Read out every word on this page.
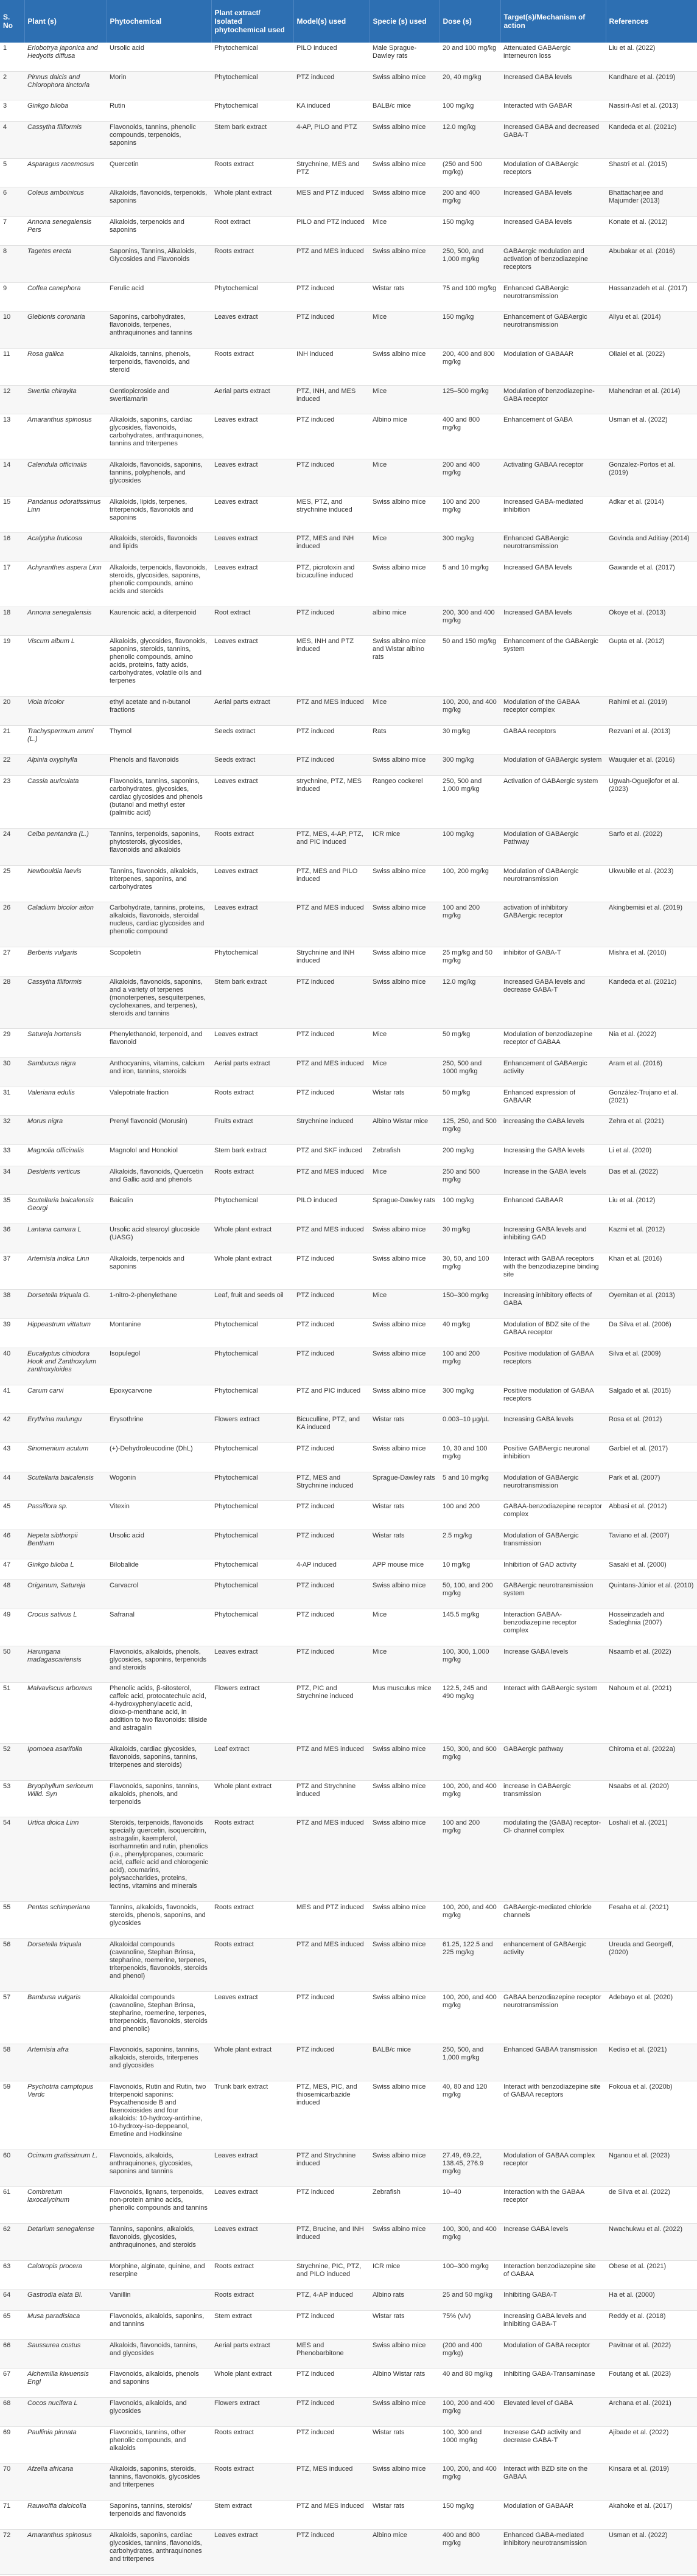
S. No	Plant (s)	Phytochemical	Plant extract/ Isolated phytochemical used	Model(s) used	Specie (s) used	Dose (s)	Target(s)/Mechanism of action	References
1	Eriobotrya japonica and Hedyotis diffusa	Ursolic acid	Phytochemical	PILO induced	Male Sprague-Dawley rats	20 and 100 mg/kg	Attenuated GABAergic interneuron loss	Liu et al. (2022)
2	Pinnus dalcis and Chlorophora tinctoria	Morin	Phytochemical	PTZ induced	Swiss albino mice	20, 40 mg/kg	Increased GABA levels	Kandhare et al. (2019)
3	Ginkgo biloba	Rutin	Phytochemical	KA induced	BALB/c mice	100 mg/kg	Interacted with GABAR	Nassiri-Asl et al. (2013)
4	Cassytha filiformis	Flavonoids, tannins, phenolic compounds, terpenoids, saponins	Stem bark extract	4-AP, PILO and PTZ	Swiss albino mice	12.0 mg/kg	Increased GABA and decreased GABA-T	Kandeda et al. (2021c)
5	Asparagus racemosus	Quercetin	Roots extract	Strychnine, MES and PTZ	Swiss albino mice	(250 and 500 mg/kg)	Modulation of GABAergic receptors	Shastri et al. (2015)
6	Coleus amboinicus	Alkaloids, flavonoids, terpenoids, saponins	Whole plant extract	MES and PTZ induced	Swiss albino mice	200 and 400 mg/kg	Increased GABA levels	Bhattacharjee and Majumder (2013)
7	Annona senegalensis Pers	Alkaloids, terpenoids and saponins	Root extract	PILO and PTZ induced	Mice	150 mg/kg	Increased GABA levels	Konate et al. (2012)
8	Tagetes erecta	Saponins, Tannins, Alkaloids, Glycosides and Flavonoids	Roots extract	PTZ and MES induced	Swiss albino mice	250, 500, and 1,000 mg/kg	GABAergic modulation and activation of benzodiazepine receptors	Abubakar et al. (2016)
9	Coffea canephora	Ferulic acid	Phytochemical	PTZ induced	Wistar rats	75 and 100 mg/kg	Enhanced GABAergic neurotransmission	Hassanzadeh et al. (2017)
10	Glebionis coronaria	Saponins, carbohydrates, flavonoids, terpenes, anthraquinones and tannins	Leaves extract	PTZ induced	Mice	150 mg/kg	Enhancement of GABAergic neurotransmission	Aliyu et al. (2014)
11	Rosa gallica	Alkaloids, tannins, phenols, terpenoids, flavonoids, and steroid	Roots extract	INH induced	Swiss albino mice	200, 400 and 800 mg/kg	Modulation of GABAAR	Oliaiei et al. (2022)
12	Swertia chirayita	Gentiopicroside and swertiamarin	Aerial parts extract	PTZ, INH, and MES induced	Mice	125–500 mg/kg	Modulation of benzodiazepine-GABA receptor	Mahendran et al. (2014)
13	Amaranthus spinosus	Alkaloids, saponins, cardiac glycosides, flavonoids, carbohydrates, anthraquinones, tannins and triterpenes	Leaves extract	PTZ induced	Albino mice	400 and 800 mg/kg	Enhancement of GABA	Usman et al. (2022)
14	Calendula officinalis	Alkaloids, flavonoids, saponins, tannins, polyphenols, and glycosides	Leaves extract	PTZ induced	Mice	200 and 400 mg/kg	Activating GABAA receptor	Gonzalez-Portos et al. (2019)
15	Pandanus odoratissimus Linn	Alkaloids, lipids, terpenes, triterpenoids, flavonoids and saponins	Leaves extract	MES, PTZ, and strychnine induced	Swiss albino mice	100 and 200 mg/kg	Increased GABA-mediated inhibition	Adkar et al. (2014)
16	Acalypha fruticosa	Alkaloids, steroids, flavonoids and lipids	Leaves extract	PTZ, MES and INH induced	Mice	300 mg/kg	Enhanced GABAergic neurotransmission	Govinda and Aditiay (2014)
17	Achyranthes aspera Linn	Alkaloids, terpenoids, flavonoids, steroids, glycosides, saponins, phenolic compounds, amino acids and steroids	Leaves extract	PTZ, picrotoxin and bicuculline induced	Swiss albino mice	5 and 10 mg/kg	Increased GABA levels	Gawande et al. (2017)
18	Annona senegalensis	Kaurenoic acid, a diterpenoid	Root extract	PTZ induced	albino mice	200, 300 and 400 mg/kg	Increased GABA levels	Okoye et al. (2013)
19	Viscum album L	Alkaloids, glycosides, flavonoids, saponins, steroids, tannins, phenolic compounds, amino acids, proteins, fatty acids, carbohydrates, volatile oils and terpenes	Leaves extract	MES, INH and PTZ induced	Swiss albino mice and Wistar albino rats	50 and 150 mg/kg	Enhancement of the GABAergic system	Gupta et al. (2012)
20	Viola tricolor	ethyl acetate and n-butanol fractions	Aerial parts extract	PTZ and MES induced	Mice	100, 200, and 400 mg/kg	Modulation of the GABAA receptor complex	Rahimi et al. (2019)
21	Trachyspermum ammi (L.)	Thymol	Seeds extract	PTZ induced	Rats	30 mg/kg	GABAA receptors	Rezvani et al. (2013)
22	Alpinia oxyphylla	Phenols and flavonoids	Seeds extract	PTZ induced	Swiss albino mice	300 mg/kg	Modulation of GABAergic system	Wauquier et al. (2016)
23	Cassia auriculata	Flavonoids, tannins, saponins, carbohydrates, glycosides, cardiac glycosides and phenols (butanol and methyl ester (palmitic acid)	Leaves extract	strychnine, PTZ, MES induced	Rangeo cockerel	250, 500 and 1,000 mg/kg	Activation of GABAergic system	Ugwah-Oguejiofor et al. (2023)
24	Ceiba pentandra (L.)	Tannins, terpenoids, saponins, phytosterols, glycosides, flavonoids and alkaloids	Roots extract	PTZ, MES, 4-AP, PTZ, and PIC induced	ICR mice	100 mg/kg	Modulation of GABAergic Pathway	Sarfo et al. (2022)
25	Newbouldia laevis	Tannins, flavonoids, alkaloids, triterpenes, saponins, and carbohydrates	Leaves extract	PTZ, MES and PILO induced	Swiss albino mice	100, 200 mg/kg	Modulation of GABAergic neurotransmission	Ukwubile et al. (2023)
26	Caladium bicolor aiton	Carbohydrate, tannins, proteins, alkaloids, flavonoids, steroidal nucleus, cardiac glycosides and phenolic compound	Leaves extract	PTZ and MES induced	Swiss albino mice	100 and 200 mg/kg	activation of inhibitory GABAergic receptor	Akingbemisi et al. (2019)
27	Berberis vulgaris	Scopoletin	Phytochemical	Strychnine and INH induced	Swiss albino mice	25 mg/kg and 50 mg/kg	inhibitor of GABA-T	Mishra et al. (2010)
28	Cassytha filiformis	Alkaloids, flavonoids, saponins, and a variety of terpenes (monoterpenes, sesquiterpenes, cyclohexanes, and terpenes), steroids and tannins	Stem bark extract	PTZ induced	Swiss albino mice	12.0 mg/kg	Increased GABA levels and decrease GABA-T	Kandeda et al. (2021c)
29	Satureja hortensis	Phenylethanoid, terpenoid, and flavonoid	Leaves extract	PTZ induced	Mice	50 mg/kg	Modulation of benzodiazepine receptor of GABAA	Nia et al. (2022)
30	Sambucus nigra	Anthocyanins, vitamins, calcium and iron, tannins, steroids	Aerial parts extract	PTZ and MES induced	Mice	250, 500 and 1000 mg/kg	Enhancement of GABAergic activity	Aram et al. (2016)
31	Valeriana edulis	Valepotriate fraction	Roots extract	PTZ induced	Wistar rats	50 mg/kg	Enhanced expression of GABAAR	González-Trujano et al. (2021)
32	Morus nigra	Prenyl flavonoid (Morusin)	Fruits extract	Strychnine induced	Albino Wistar mice	125, 250, and 500 mg/kg	increasing the GABA levels	Zehra et al. (2021)
33	Magnolia officinalis	Magnolol and Honokiol	Stem bark extract	PTZ and SKF induced	Zebrafish	200 mg/kg	Increasing the GABA levels	Li et al. (2020)
34	Desideris verticus	Alkaloids, flavonoids, Quercetin and Gallic acid and phenols	Roots extract	PTZ and MES induced	Mice	250 and 500 mg/kg	Increase in the GABA levels	Das et al. (2022)
35	Scutellaria baicalensis Georgi	Baicalin	Phytochemical	PILO induced	Sprague-Dawley rats	100 mg/kg	Enhanced GABAAR	Liu et al. (2012)
36	Lantana camara L	Ursolic acid stearoyl glucoside (UASG)	Whole plant extract	PTZ and MES induced	Swiss albino mice	30 mg/kg	Increasing GABA levels and inhibiting GAD	Kazmi et al. (2012)
37	Artemisia indica Linn	Alkaloids, terpenoids and saponins	Whole plant extract	PTZ induced	Swiss albino mice	30, 50, and 100 mg/kg	Interact with GABAA receptors with the benzodiazepine binding site	Khan et al. (2016)
38	Dorsetella triquala G.	1-nitro-2-phenylethane	Leaf, fruit and seeds oil	PTZ induced	Mice	150–300 mg/kg	Increasing inhibitory effects of GABA	Oyemitan et al. (2013)
39	Hippeastrum vittatum	Montanine	Phytochemical	PTZ induced	Swiss albino mice	40 mg/kg	Modulation of BDZ site of the GABAA receptor	Da Silva et al. (2006)
40	Eucalyptus citriodora Hook and Zanthoxylum zanthoxyloides	Isopulegol	Phytochemical	PTZ induced	Swiss albino mice	100 and 200 mg/kg	Positive modulation of GABAA receptors	Silva et al. (2009)
41	Carum carvi	Epoxycarvone	Phytochemical	PTZ and PIC induced	Swiss albino mice	300 mg/kg	Positive modulation of GABAA receptors	Salgado et al. (2015)
42	Erythrina mulungu	Erysothrine	Flowers extract	Bicuculline, PTZ, and KA induced	Wistar rats	0.003–10 µg/µL	Increasing GABA levels	Rosa et al. (2012)
43	Sinomenium acutum	(+)-Dehydroleucodine (DhL)	Phytochemical	PTZ induced	Swiss albino mice	10, 30 and 100 mg/kg	Positive GABAergic neuronal inhibition	Garbiel et al. (2017)
44	Scutellaria baicalensis	Wogonin	Phytochemical	PTZ, MES and Strychnine induced	Sprague-Dawley rats	5 and 10 mg/kg	Modulation of GABAergic neurotransmission	Park et al. (2007)
45	Passiflora sp.	Vitexin	Phytochemical	PTZ induced	Wistar rats	100 and 200	GABAA-benzodiazepine receptor complex	Abbasi et al. (2012)
46	Nepeta sibthorpii Bentham	Ursolic acid	Phytochemical	PTZ induced	Wistar rats	2.5 mg/kg	Modulation of GABAergic transmission	Taviano et al. (2007)
47	Ginkgo biloba L	Bilobalide	Phytochemical	4-AP induced	APP mouse mice	10 mg/kg	Inhibition of GAD activity	Sasaki et al. (2000)
48	Origanum, Satureja	Carvacrol	Phytochemical	PTZ induced	Swiss albino mice	50, 100, and 200 mg/kg	GABAergic neurotransmission system	Quintans-Júnior et al. (2010)
49	Crocus sativus L	Safranal	Phytochemical	PTZ induced	Mice	145.5 mg/kg	Interaction GABAA-benzodiazepine receptor complex	Hosseinzadeh and Sadeghnia (2007)
50	Harungana madagascariensis	Flavonoids, alkaloids, phenols, glycosides, saponins, terpenoids and steroids	Leaves extract	PTZ induced	Mice	100, 300, 1,000 mg/kg	Increase GABA levels	Nsaamb et al. (2022)
51	Malvaviscus arboreus	Phenolic acids, β-sitosterol, caffeic acid, protocatechuic acid, 4-hydroxyphenylacetic acid, dioxo-p-menthane acid, in addition to two flavonoids: tiliside and astragalin	Flowers extract	PTZ, PIC and Strychnine induced	Mus musculus mice	122.5, 245 and 490 mg/kg	Interact with GABAergic system	Nahoum et al. (2021)
52	Ipomoea asarifolia	Alkaloids, cardiac glycosides, flavonoids, saponins, tannins, triterpenes and steroids)	Leaf extract	PTZ and MES induced	Swiss albino mice	150, 300, and 600 mg/kg	GABAergic pathway	Chiroma et al. (2022a)
53	Bryophyllum sericeum Willd. Syn	Flavonoids, saponins, tannins, alkaloids, phenols, and terpenoids	Whole plant extract	PTZ and Strychnine induced	Swiss albino mice	100, 200, and 400 mg/kg	increase in GABAergic transmission	Nsaabs et al. (2020)
54	Urtica dioica Linn	Steroids, terpenoids, flavonoids specially quercetin, isoquercitrin, astragalin, kaempferol, isorhamnetin and rutin, phenolics (i.e., phenylpropanes, coumaric acid, caffeic acid and chlorogenic acid), coumarins, polysaccharides, proteins, lectins, vitamins and minerals	Roots extract	PTZ and MES induced	Swiss albino mice	100 and 200 mg/kg	modulating the (GABA) receptor-Cl- channel complex	Loshali et al. (2021)
55	Pentas schimperiana	Tannins, alkaloids, flavonoids, steroids, phenols, saponins, and glycosides	Roots extract	MES and PTZ induced	Swiss albino mice	100, 200, and 400 mg/kg	GABAergic-mediated chloride channels	Fesaha et al. (2021)
56	Dorsetella triquala	Alkaloidal compounds (cavanoline, Stephan Brinsa, stepharine, roemerine, terpenes, triterpenoids, flavonoids, steroids and phenol)	Roots extract	PTZ and MES induced	Swiss albino mice	61.25, 122.5 and 225 mg/kg	enhancement of GABAergic activity	Ureuda and Georgeff, (2020)
57	Bambusa vulgaris	Alkaloidal compounds (cavanoline, Stephan Brinsa, stepharine, roemerine, terpenes, triterpenoids, flavonoids, steroids and phenolic)	Leaves extract	PTZ induced	Swiss albino mice	100, 200, and 400 mg/kg	GABAA benzodiazepine receptor neurotransmission	Adebayo et al. (2020)
58	Artemisia afra	Flavonoids, saponins, tannins, alkaloids, steroids, triterpenes and glycosides	Whole plant extract	PTZ induced	BALB/c mice	250, 500, and 1,000 mg/kg	Enhanced GABAA transmission	Kediso et al. (2021)
59	Psychotria camptopus Verdc	Flavonoids, Rutin and Rutin, two triterpenoid saponins: Psycathenoside B and Ilaenoxiosides and four alkaloids: 10-hydroxy-antirhine, 10-hydroxy-iso-deppeanol, Emetine and Hodkinsine	Trunk bark extract	PTZ, MES, PIC, and thiosemicarbazide induced	Swiss albino mice	40, 80 and 120 mg/kg	Interact with benzodiazepine site of GABAA receptors	Fokoua et al. (2020b)
60	Ocimum gratissimum L.	Flavonoids, alkaloids, anthraquinones, glycosides, saponins and tannins	Leaves extract	PTZ and Strychnine induced	Swiss albino mice	27.49, 69.22, 138.45, 276.9 mg/kg	Modulation of GABAA complex receptor	Nganou et al. (2023)
61	Combretum laxocalycinum	Flavonoids, lignans, terpenoids, non-protein amino acids, phenolic compounds and tannins	Leaves extract	PTZ induced	Zebrafish	10–40	Interaction with the GABAA receptor	de Silva et al. (2022)
62	Detarium senegalense	Tannins, saponins, alkaloids, flavonoids, glycosides, anthraquinones, and steroids	Leaves extract	PTZ, Brucine, and INH induced	Swiss albino mice	100, 300, and 400 mg/kg	Increase GABA levels	Nwachukwu et al. (2022)
63	Calotropis procera	Morphine, alginate, quinine, and reserpine	Roots extract	Strychnine, PIC, PTZ, and PILO induced	ICR mice	100–300 mg/kg	Interaction benzodiazepine site of GABAA	Obese et al. (2021)
64	Gastrodia elata Bl.	Vanillin	Roots extract	PTZ, 4-AP induced	Albino rats	25 and 50 mg/kg	Inhibiting GABA-T	Ha et al. (2000)
65	Musa paradisiaca	Flavonoids, alkaloids, saponins, and tannins	Stem extract	PTZ induced	Wistar rats	75% (v/v)	Increasing GABA levels and inhibiting GABA-T	Reddy et al. (2018)
66	Saussurea costus	Alkaloids, flavonoids, tannins, and glycosides	Aerial parts extract	MES and Phenobarbitone	Swiss albino mice	(200 and 400 mg/kg)	Modulation of GABA receptor	Pavitnar et al. (2022)
67	Alchemilla kiwuensis Engl	Flavonoids, alkaloids, phenols and saponins	Whole plant extract	PTZ induced	Albino Wistar rats	40 and 80 mg/kg	Inhibiting GABA-Transaminase	Foutang et al. (2023)
68	Cocos nucifera L	Flavonoids, alkaloids, and glycosides	Flowers extract	PTZ induced	Swiss albino mice	100, 200 and 400 mg/kg	Elevated level of GABA	Archana et al. (2021)
69	Paullinia pinnata	Flavonoids, tannins, other phenolic compounds, and alkaloids	Roots extract	PTZ induced	Wistar rats	100, 300 and 1000 mg/kg	Increase GAD activity and decrease GABA-T	Ajibade et al. (2022)
70	Afzelia africana	Alkaloids, saponins, steroids, tannins, flavonoids, glycosides and triterpenes	Roots extract	PTZ, MES induced	Swiss albino mice	100, 200, and 400 mg/kg	Interact with BZD site on the GABAA	Kinsara et al. (2019)
71	Rauwolfia dalcicolla	Saponins, tannins, steroids/ terpenoids and flavonoids	Stem extract	PTZ and MES induced	Wistar rats	150 mg/kg	Modulation of GABAAR	Akahoke et al. (2017)
72	Amaranthus spinosus	Alkaloids, saponins, cardiac glycosides, tannins, flavonoids, carbohydrates, anthraquinones and triterpenes	Leaves extract	PTZ induced	Albino mice	400 and 800 mg/kg	Enhanced GABA-mediated inhibitory neurotransmission	Usman et al. (2022)
